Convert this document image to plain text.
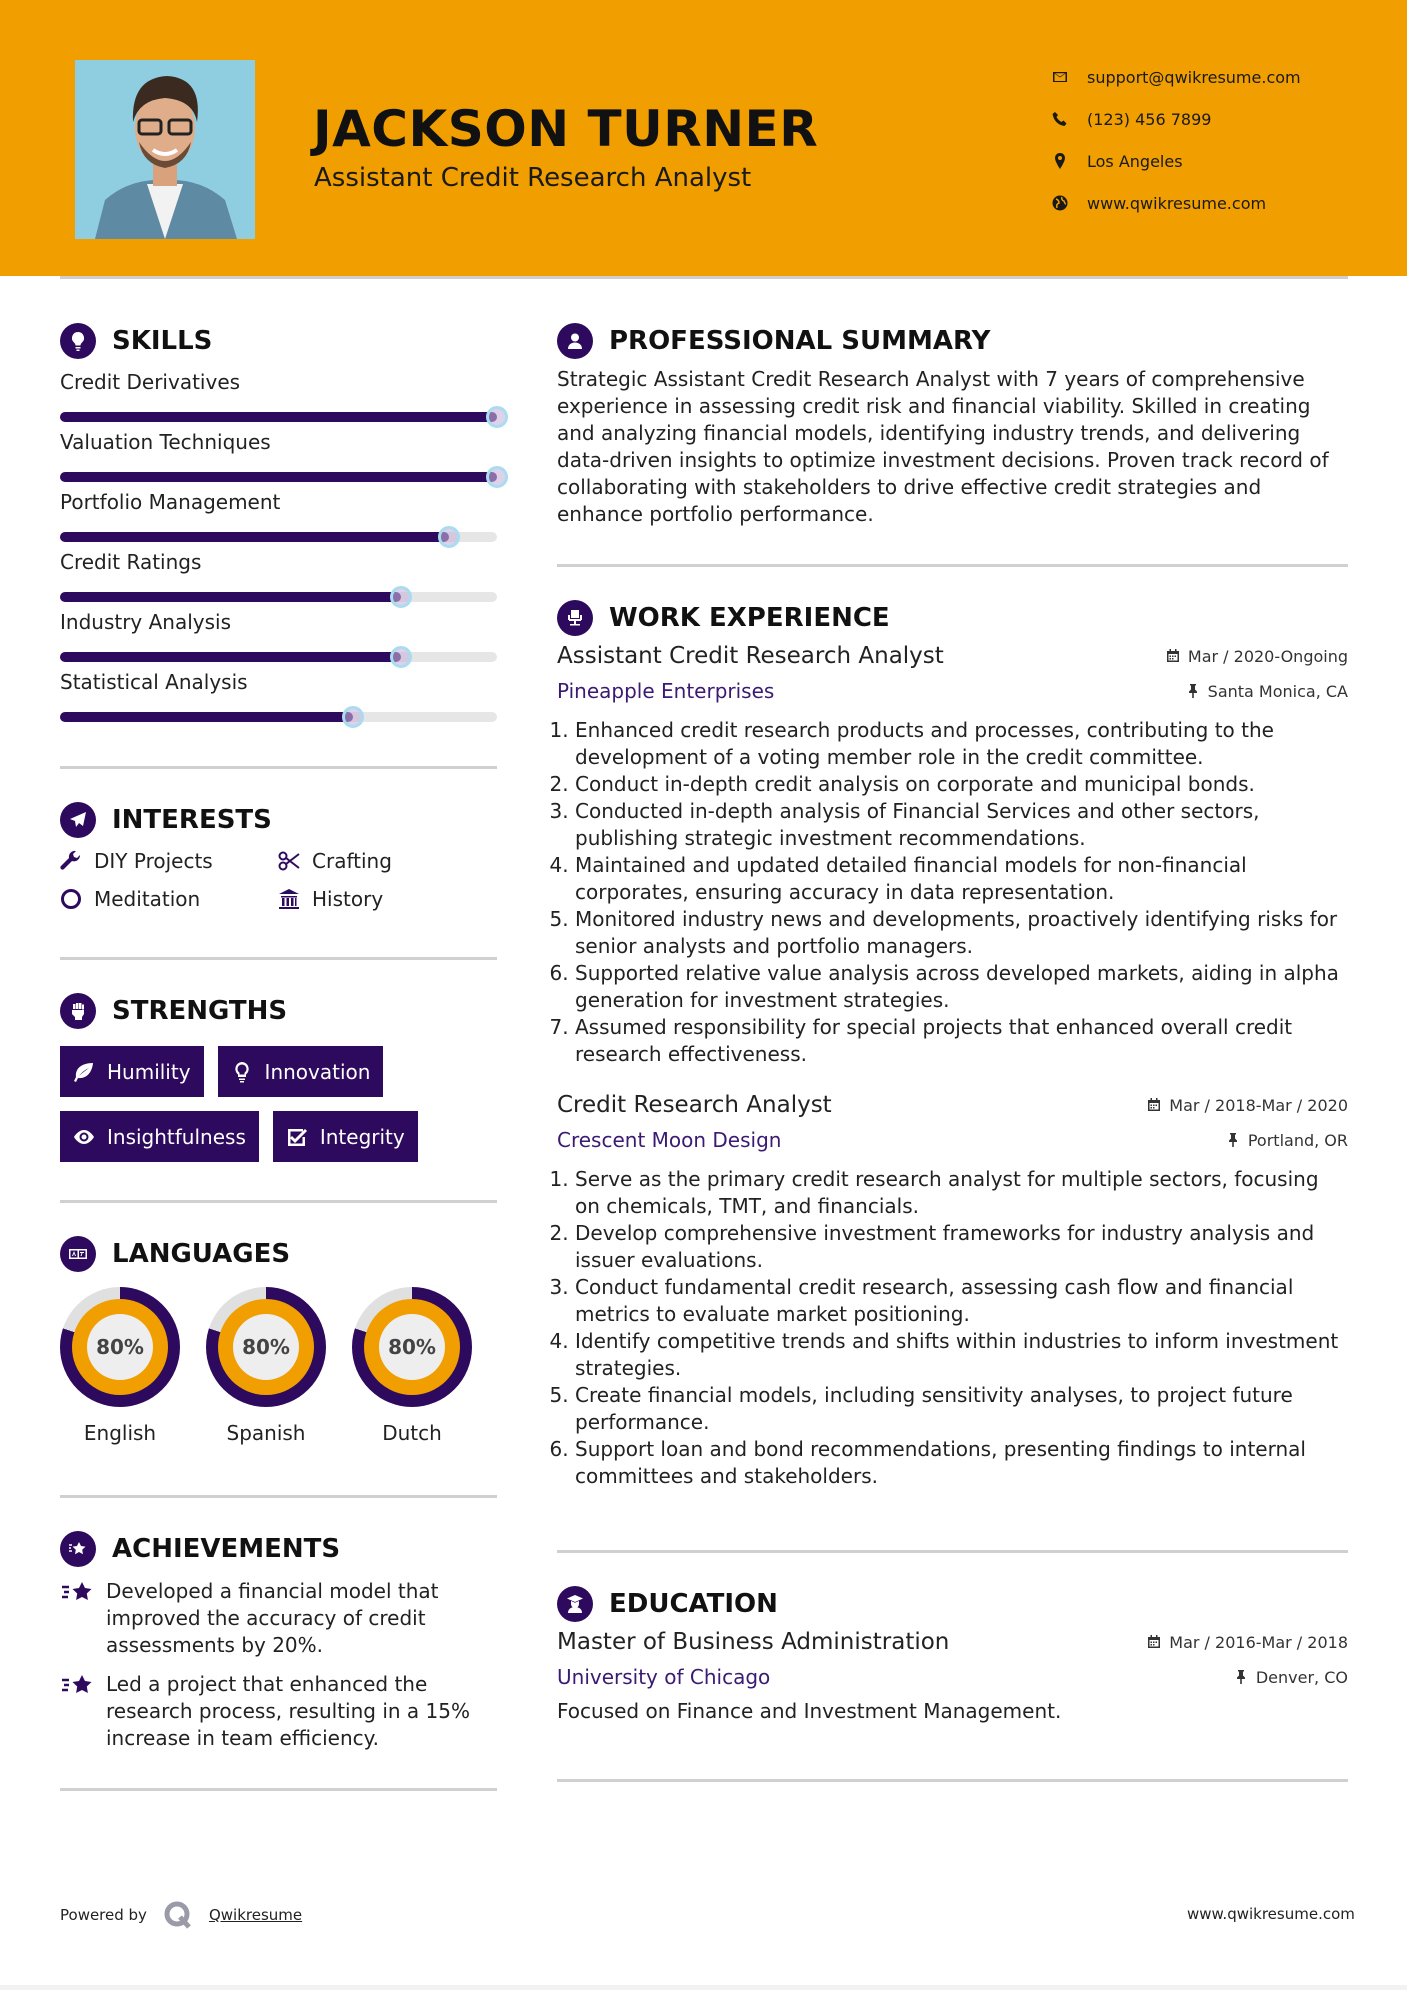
JACKSON TURNER
Assistant Credit Research Analyst
support@qwikresume.com
(123) 456 7899
Los Angeles
www.qwikresume.com
SKILLS
Credit Derivatives
Valuation Techniques
Portfolio Management
Credit Ratings
Industry Analysis
Statistical Analysis
INTERESTS
DIY Projects	Crafting
Meditation	History
STRENGTHS
Humility	Innovation
Insightfulness	Integrity
LANGUAGES
80%
English
80%
Spanish
80%
Dutch
ACHIEVEMENTS
Developed a financial model that improved the accuracy of credit assessments by 20%.
Led a project that enhanced the research process, resulting in a 15% increase in team efficiency.
PROFESSIONAL SUMMARY

Strategic Assistant Credit Research Analyst with 7 years of comprehensive experience in assessing credit risk and financial viability. Skilled in creating and analyzing financial models, identifying industry trends, and delivering data-driven insights to optimize investment decisions. Proven track record of collaborating with stakeholders to drive effective credit strategies and enhance portfolio performance.

WORK EXPERIENCE
Assistant Credit Research Analyst	Mar / 2020-Ongoing
Pineapple Enterprises	Santa Monica, CA
1. Enhanced credit research products and processes, contributing to the development of a voting member role in the credit committee.
2. Conduct in-depth credit analysis on corporate and municipal bonds.
3. Conducted in-depth analysis of Financial Services and other sectors, publishing strategic investment recommendations.
4. Maintained and updated detailed financial models for non-financial corporates, ensuring accuracy in data representation.
5. Monitored industry news and developments, proactively identifying risks for senior analysts and portfolio managers.
6. Supported relative value analysis across developed markets, aiding in alpha generation for investment strategies.
7. Assumed responsibility for special projects that enhanced overall credit research effectiveness.
Credit Research Analyst	Mar / 2018-Mar / 2020
Crescent Moon Design	Portland, OR
1. Serve as the primary credit research analyst for multiple sectors, focusing on chemicals, TMT, and financials.
2. Develop comprehensive investment frameworks for industry analysis and issuer evaluations.
3. Conduct fundamental credit research, assessing cash flow and financial metrics to evaluate market positioning.
4. Identify competitive trends and shifts within industries to inform investment strategies.
5. Create financial models, including sensitivity analyses, to project future performance.
6. Support loan and bond recommendations, presenting findings to internal committees and stakeholders.
EDUCATION
Master of Business Administration	Mar / 2016-Mar / 2018
University of Chicago	Denver, CO

Focused on Finance and Investment Management.

Powered by	Qwikresume	www.qwikresume.com
